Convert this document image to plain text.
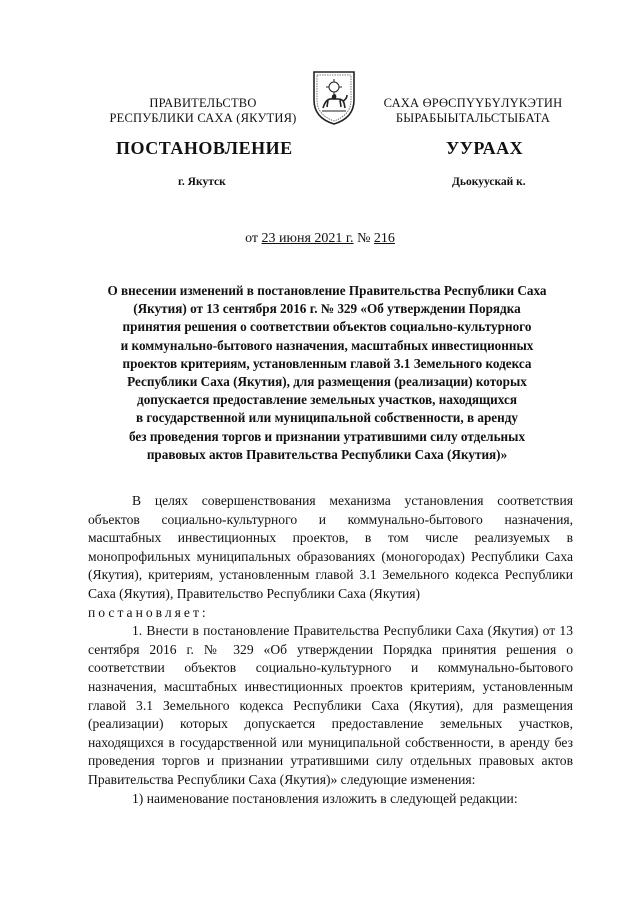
ПРАВИТЕЛЬСТВО
РЕСПУБЛИКИ САХА (ЯКУТИЯ)
САХА ӨРӨСПҮҮБҮЛҮКЭТИН
БЫРАБЫЫТАЛЬСТЫБАТА
ПОСТАНОВЛЕНИЕ	УУРААХ
г. Якутск	Дьокуускай к.
от 23 июня 2021 г. № 216
О внесении изменений в постановление Правительства Республики Саха
(Якутия) от 13 сентября 2016 г. № 329 «Об утверждении Порядка
принятия решения о соответствии объектов социально-культурного
и коммунально-бытового назначения, масштабных инвестиционных
проектов критериям, установленным главой 3.1 Земельного кодекса
Республики Саха (Якутия), для размещения (реализации) которых
допускается предоставление земельных участков, находящихся
в государственной или муниципальной собственности, в аренду
без проведения торгов и признании утратившими силу отдельных
правовых актов Правительства Республики Саха (Якутия)»

В целях совершенствования механизма установления соответствия объектов социально-культурного и коммунально-бытового назначения, масштабных инвестиционных проектов, в том числе реализуемых в монопрофильных муниципальных образованиях (моногородах) Республики Саха (Якутия), критериям, установленным главой 3.1 Земельного кодекса Республики Саха (Якутия), Правительство Республики Саха (Якутия)

постановляет:

1. Внести в постановление Правительства Республики Саха (Якутия) от 13 сентября 2016 г. № 329 «Об утверждении Порядка принятия решения о соответствии объектов социально-культурного и коммунально-бытового назначения, масштабных инвестиционных проектов критериям, установленным главой 3.1 Земельного кодекса Республики Саха (Якутия), для размещения (реализации) которых допускается предоставление земельных участков, находящихся в государственной или муниципальной собственности, в аренду без проведения торгов и признании утратившими силу отдельных правовых актов Правительства Республики Саха (Якутия)» следующие изменения:

1) наименование постановления изложить в следующей редакции:
